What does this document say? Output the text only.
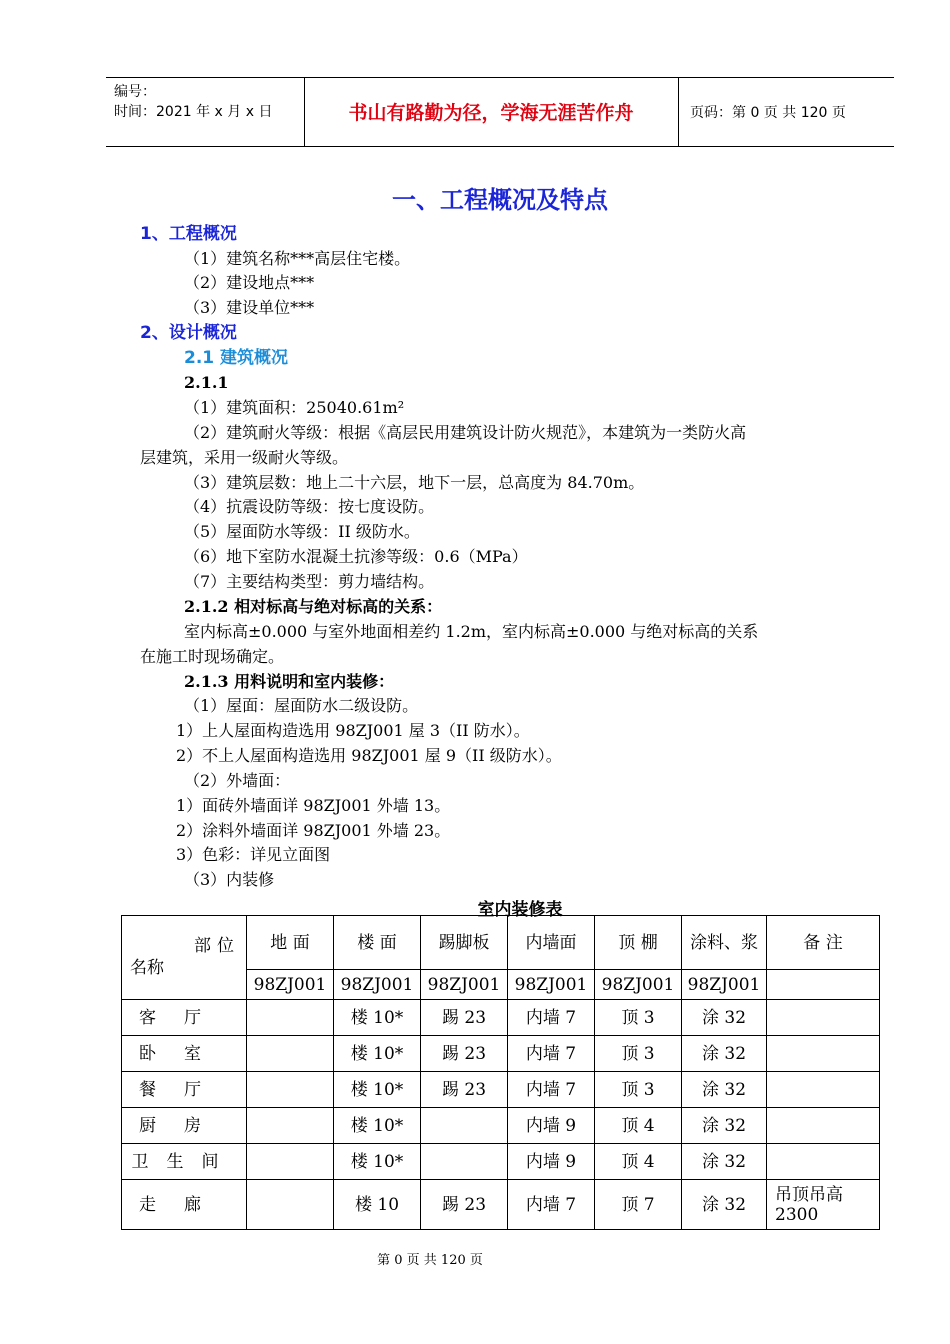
编号：
时间：2021 年 x 月 x 日	书山有路勤为径，学海无涯苦作舟	页码：第 0 页 共 120 页
一、工程概况及特点
1、工程概况
（1）建筑名称***高层住宅楼。
（2）建设地点***
（3）建设单位***
2、设计概况
2.1 建筑概况
2.1.1
（1）建筑面积：25040.61m²
（2）建筑耐火等级：根据《高层民用建筑设计防火规范》，本建筑为一类防火高
层建筑，采用一级耐火等级。
（3）建筑层数：地上二十六层，地下一层，总高度为 84.70m。
（4）抗震设防等级：按七度设防。
（5）屋面防水等级：II 级防水。
（6）地下室防水混凝土抗渗等级：0.6（MPa）
（7）主要结构类型：剪力墙结构。
2.1.2 相对标高与绝对标高的关系：
室内标高±0.000 与室外地面相差约 1.2m，室内标高±0.000 与绝对标高的关系
在施工时现场确定。
2.1.3 用料说明和室内装修：
（1）屋面：屋面防水二级设防。
1）上人屋面构造选用 98ZJ001 屋 3（II 防水）。
2）不上人屋面构造选用 98ZJ001 屋 9（II 级防水）。
（2）外墙面：
1）面砖外墙面详 98ZJ001 外墙 13。
2）涂料外墙面详 98ZJ001 外墙 23。
3）色彩：详见立面图
（3）内装修
室内装修表
部位
名称	地 面	楼 面	踢脚板	内墙面	顶 棚	涂料、浆	备 注
	98ZJ001	98ZJ001	98ZJ001	98ZJ001	98ZJ001	98ZJ001	
客厅		楼 10*	踢 23	内墙 7	顶 3	涂 32	
卧室		楼 10*	踢 23	内墙 7	顶 3	涂 32	
餐厅		楼 10*	踢 23	内墙 7	顶 3	涂 32	
厨房		楼 10*		内墙 9	顶 4	涂 32	
卫生间		楼 10*		内墙 9	顶 4	涂 32	
走廊		楼 10	踢 23	内墙 7	顶 7	涂 32	吊顶吊高 2300
第 0 页 共 120 页
